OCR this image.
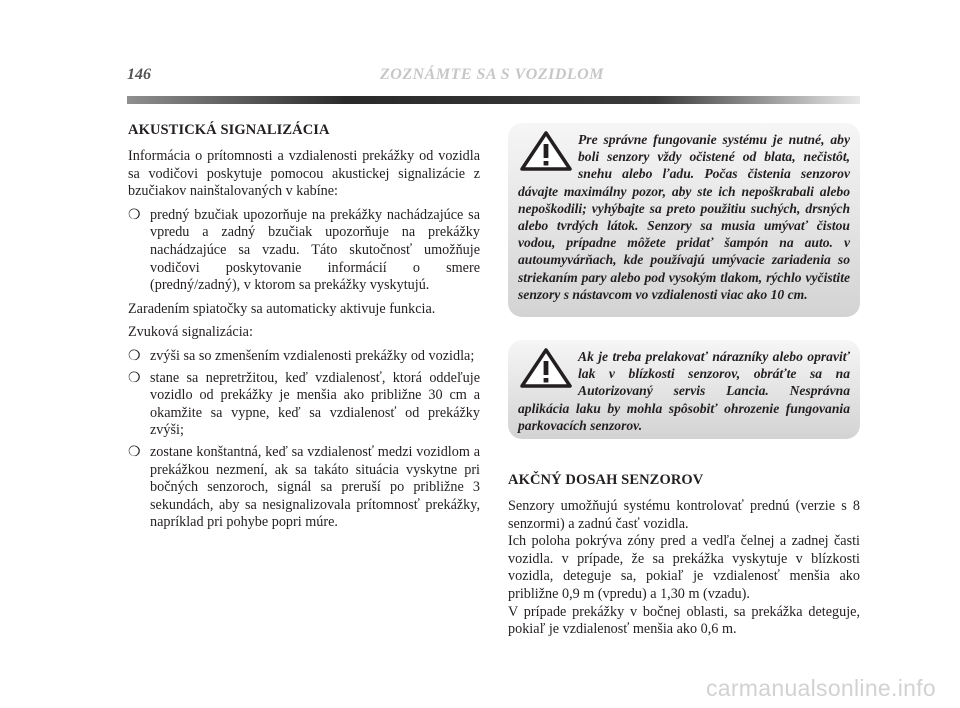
146	ZOZNÁMTE SA S VOZIDLOM
AKUSTICKÁ SIGNALIZÁCIA

Informácia o prítomnosti a vzdialenosti prekážky od vozidla sa vodičovi poskytuje pomocou akustickej signalizácie z bzučiakov nainštalovaných v kabíne:

❍ predný bzučiak upozorňuje na prekážky nachádzajúce sa vpredu a zadný bzučiak upozorňuje na prekážky nachádzajúce sa vzadu. Táto skutočnosť umožňuje vodičovi poskytovanie informácií o smere (predný/zadný), v ktorom sa prekážky vyskytujú.

Zaradením spiatočky sa automaticky aktivuje funkcia.

Zvuková signalizácia:

❍ zvýši sa so zmenšením vzdialenosti prekážky od vozidla;
❍ stane sa nepretržitou, keď vzdialenosť, ktorá oddeľuje vozidlo od prekážky je menšia ako približne 30 cm a okamžite sa vypne, keď sa vzdialenosť od prekážky zvýši;
❍ zostane konštantná, keď sa vzdialenosť medzi vozidlom a prekážkou nezmení, ak sa takáto situácia vyskytne pri bočných senzoroch, signál sa preruší po približne 3 sekundách, aby sa nesignalizovala prítomnosť prekážky, napríklad pri pohybe popri múre.

Pre správne fungovanie systému je nutné, aby boli senzory vždy očistené od blata, nečistôt, snehu alebo ľadu. Počas čistenia senzorov dávajte maximálny pozor, aby ste ich nepoškrabali alebo nepoškodili; vyhýbajte sa preto použitiu suchých, drsných alebo tvrdých látok. Senzory sa musia umývať čistou vodou, prípadne môžete pridať šampón na auto. v autoumyvárňach, kde používajú umývacie zariadenia so striekaním pary alebo pod vysokým tlakom, rýchlo vyčistite senzory s nástavcom vo vzdialenosti viac ako 10 cm.

Ak je treba prelakovať nárazníky alebo opraviť lak v blízkosti senzorov, obráťte sa na Autorizovaný servis Lancia. Nesprávna aplikácia laku by mohla spôsobiť ohrozenie fungovania parkovacích senzorov.

AKČNÝ DOSAH SENZOROV

Senzory umožňujú systému kontrolovať prednú (verzie s 8 senzormi) a zadnú časť vozidla.

Ich poloha pokrýva zóny pred a vedľa čelnej a zadnej časti vozidla. v prípade, že sa prekážka vyskytuje v blízkosti vozidla, deteguje sa, pokiaľ je vzdialenosť menšia ako približne 0,9 m (vpredu) a 1,30 m (vzadu).

V prípade prekážky v bočnej oblasti, sa prekážka deteguje, pokiaľ je vzdialenosť menšia ako 0,6 m.

carmanualsonline.info
